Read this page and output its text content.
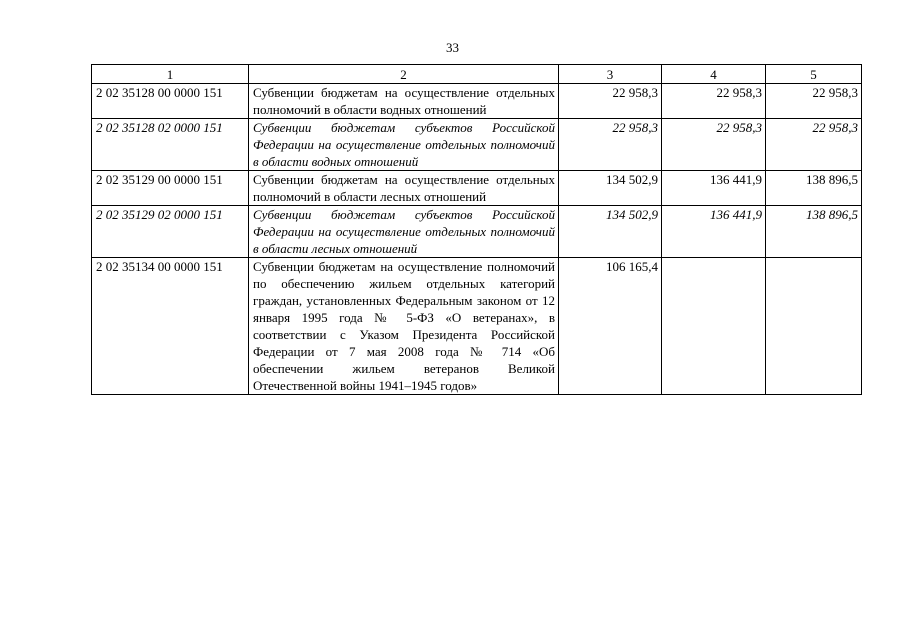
33
1	2	3	4	5
2 02 35128 00 0000 151	Субвенции бюджетам на осуществление отдельных полномочий в области водных отношений	22 958,3	22 958,3	22 958,3
2 02 35128 02 0000 151	Субвенции бюджетам субъектов Российской Федерации на осуществление отдельных полномочий в области водных отношений	22 958,3	22 958,3	22 958,3
2 02 35129 00 0000 151	Субвенции бюджетам на осуществление отдельных полномочий в области лесных отношений	134 502,9	136 441,9	138 896,5
2 02 35129 02 0000 151	Субвенции бюджетам субъектов Российской Федерации на осуществление отдельных полномочий в области лесных отношений	134 502,9	136 441,9	138 896,5
2 02 35134 00 0000 151	Субвенции бюджетам на осуществление полномочий по обеспечению жильем отдельных категорий граждан, установленных Федеральным законом от 12 января 1995 года № 5-ФЗ «О ветеранах», в соответствии с Указом Президента Российской Федерации от 7 мая 2008 года № 714 «Об обеспечении жильем ветеранов Великой Отечественной войны 1941–1945 годов»	106 165,4		
